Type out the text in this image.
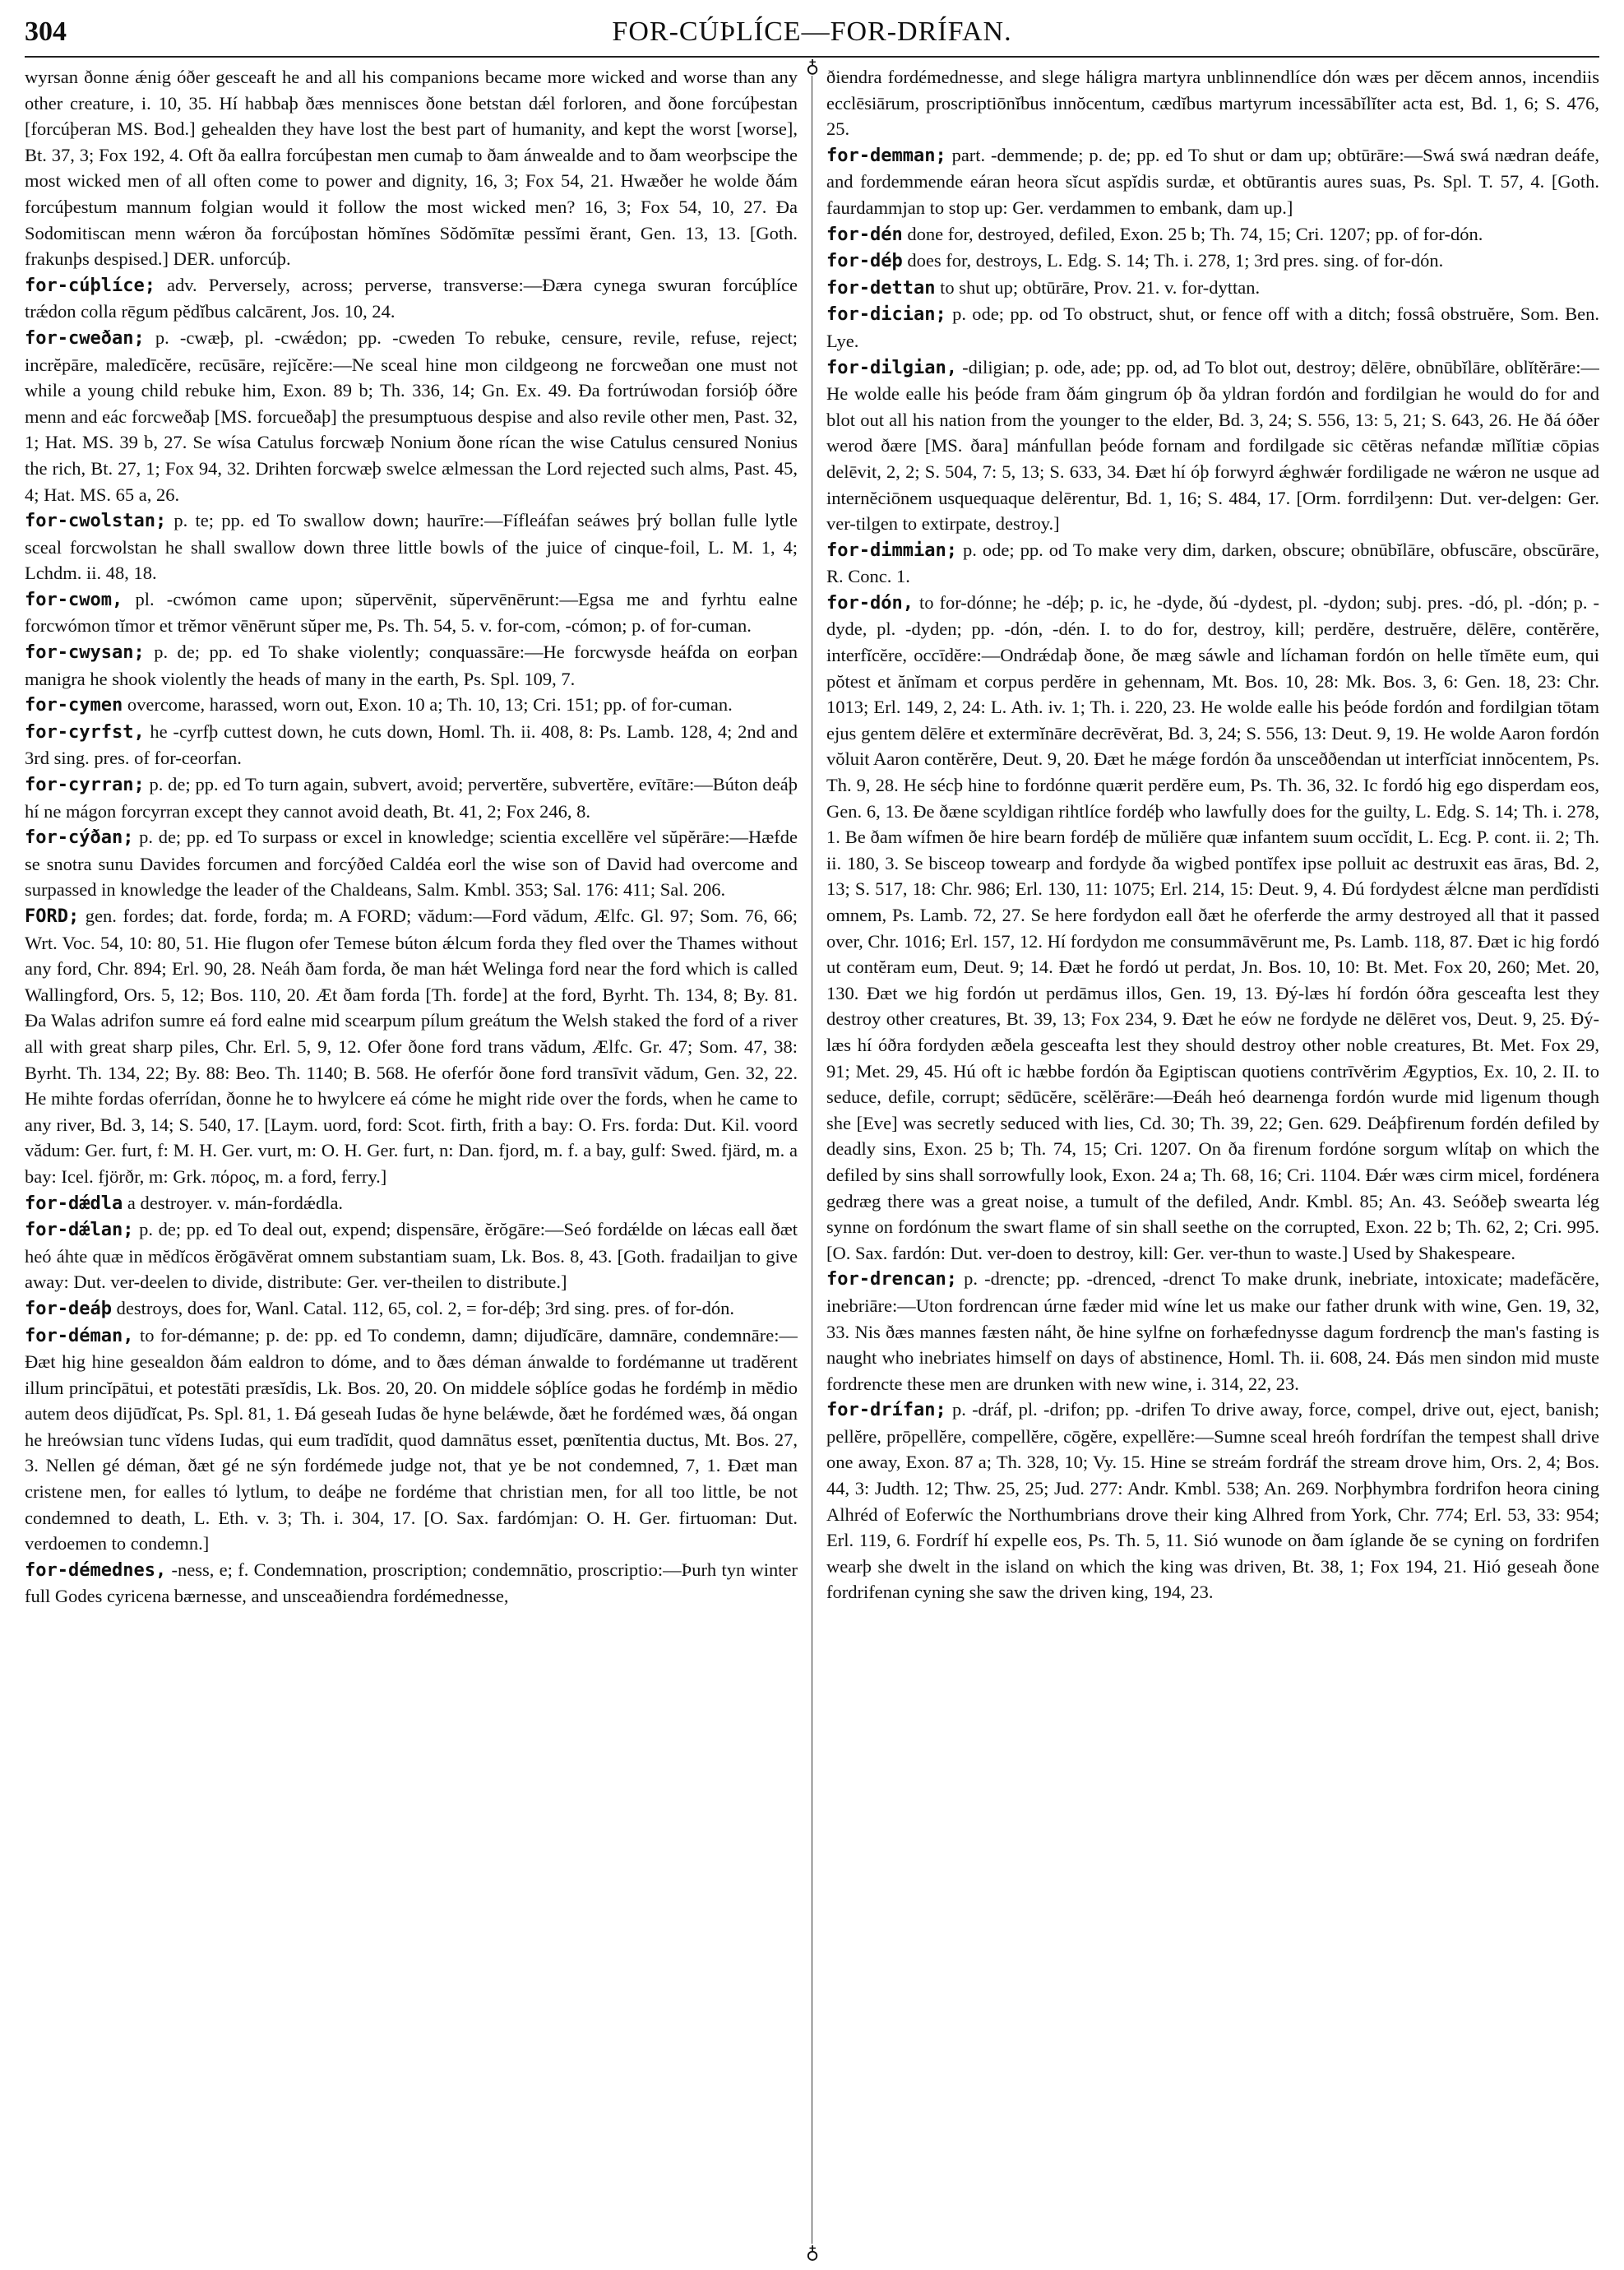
304	FOR-CÚÞLÍCE—FOR-DRÍFAN.

wyrsan ðonne ǽnig óðer gesceaft he and all his companions became more wicked and worse than any other creature, i. 10, 35. Hí habbaþ ðæs mennisces ðone betstan dǽl forloren, and ðone forcúþestan [forcúþeran MS. Bod.] gehealden they have lost the best part of humanity, and kept the worst [worse], Bt. 37, 3; Fox 192, 4. Oft ða eallra forcúþestan men cumaþ to ðam ánwealde and to ðam weorþscipe the most wicked men of all often come to power and dignity, 16, 3; Fox 54, 21. Hwæðer he wolde ðám forcúþestum mannum folgian would it follow the most wicked men? 16, 3; Fox 54, 10, 27. Ða Sodomitiscan menn wǽron ða forcúþostan hŏmĭnes Sŏdŏmītæ pessĭmi ĕrant, Gen. 13, 13. [Goth. frakunþs despised.] DER. unforcúþ.

for-cúþlíce; adv. Perversely, across; perverse, transverse:—Ðæra cynega swuran forcúþlíce trǽdon colla rēgum pĕdĭbus calcārent, Jos. 10, 24.

for-cweðan; p. -cwæþ, pl. -cwǽdon; pp. -cweden To rebuke, censure, revile, refuse, reject; incrĕpāre, maledīcĕre, recūsāre, rejĭcĕre:—Ne sceal hine mon cildgeong ne forcweðan one must not while a young child rebuke him, Exon. 89 b; Th. 336, 14; Gn. Ex. 49. Ða fortrúwodan forsióþ óðre menn and eác forcweðaþ [MS. forcueðaþ] the presumptuous despise and also revile other men, Past. 32, 1; Hat. MS. 39 b, 27. Se wísa Catulus forcwæþ Nonium ðone rícan the wise Catulus censured Nonius the rich, Bt. 27, 1; Fox 94, 32. Drihten forcwæþ swelce ælmessan the Lord rejected such alms, Past. 45, 4; Hat. MS. 65 a, 26.

for-cwolstan; p. te; pp. ed To swallow down; haurīre:—Fífleáfan seáwes þrý bollan fulle lytle sceal forcwolstan he shall swallow down three little bowls of the juice of cinque-foil, L. M. 1, 4; Lchdm. ii. 48, 18.

for-cwom, pl. -cwómon came upon; sŭpervēnit, sŭpervēnērunt:—Egsa me and fyrhtu ealne forcwómon tĭmor et trĕmor vēnērunt sŭper me, Ps. Th. 54, 5. v. for-com, -cómon; p. of for-cuman.

for-cwysan; p. de; pp. ed To shake violently; conquassāre:—He forcwysde heáfda on eorþan manigra he shook violently the heads of many in the earth, Ps. Spl. 109, 7.

for-cymen overcome, harassed, worn out, Exon. 10 a; Th. 10, 13; Cri. 151; pp. of for-cuman.

for-cyrfst, he -cyrfþ cuttest down, he cuts down, Homl. Th. ii. 408, 8: Ps. Lamb. 128, 4; 2nd and 3rd sing. pres. of for-ceorfan.

for-cyrran; p. de; pp. ed To turn again, subvert, avoid; pervertĕre, subvertĕre, evītāre:—Búton deáþ hí ne mágon forcyrran except they cannot avoid death, Bt. 41, 2; Fox 246, 8.

for-cýðan; p. de; pp. ed To surpass or excel in knowledge; scientia excellĕre vel sŭpĕrāre:—Hæfde se snotra sunu Davides forcumen and forcýðed Caldéa eorl the wise son of David had overcome and surpassed in knowledge the leader of the Chaldeans, Salm. Kmbl. 353; Sal. 176: 411; Sal. 206.

FORD; gen. fordes; dat. forde, forda; m. A FORD; vădum:—Ford vădum, Ælfc. Gl. 97; Som. 76, 66; Wrt. Voc. 54, 10: 80, 51. Hie flugon ofer Temese búton ǽlcum forda they fled over the Thames without any ford, Chr. 894; Erl. 90, 28. Neáh ðam forda, ðe man hǽt Welinga ford near the ford which is called Wallingford, Ors. 5, 12; Bos. 110, 20. Æt ðam forda [Th. forde] at the ford, Byrht. Th. 134, 8; By. 81. Ða Walas adrifon sumre eá ford ealne mid scearpum pílum greátum the Welsh staked the ford of a river all with great sharp piles, Chr. Erl. 5, 9, 12. Ofer ðone ford trans vădum, Ælfc. Gr. 47; Som. 47, 38: Byrht. Th. 134, 22; By. 88: Beo. Th. 1140; B. 568. He oferfór ðone ford transīvit vădum, Gen. 32, 22. He mihte fordas oferrídan, ðonne he to hwylcere eá cóme he might ride over the fords, when he came to any river, Bd. 3, 14; S. 540, 17. [Laym. uord, ford: Scot. firth, frith a bay: O. Frs. forda: Dut. Kil. voord vădum: Ger. furt, f: M. H. Ger. vurt, m: O. H. Ger. furt, n: Dan. fjord, m. f. a bay, gulf: Swed. fjärd, m. a bay: Icel. fjörðr, m: Grk. πόρος, m. a ford, ferry.]

for-dǽdla a destroyer. v. mán-fordǽdla.

for-dǽlan; p. de; pp. ed To deal out, expend; dispensāre, ĕrŏgāre:—Seó fordǽlde on lǽcas eall ðæt heó áhte quæ in mĕdĭcos ĕrŏgāvĕrat omnem substantiam suam, Lk. Bos. 8, 43. [Goth. fradailjan to give away: Dut. ver-deelen to divide, distribute: Ger. ver-theilen to distribute.]

for-deáþ destroys, does for, Wanl. Catal. 112, 65, col. 2, = for-déþ; 3rd sing. pres. of for-dón.

for-déman, to for-démanne; p. de: pp. ed To condemn, damn; dijudĭcāre, damnāre, condemnāre:—Ðæt hig hine gesealdon ðám ealdron to dóme, and to ðæs déman ánwalde to fordémanne ut tradĕrent illum princĭpātui, et potestāti præsĭdis, Lk. Bos. 20, 20. On middele sóþlíce godas he fordémþ in mĕdio autem deos dijūdĭcat, Ps. Spl. 81, 1. Ðá geseah Iudas ðe hyne belǽwde, ðæt he fordémed wæs, ðá ongan he hreówsian tunc vĭdens Iudas, qui eum tradĭdit, quod damnātus esset, pœnĭtentia ductus, Mt. Bos. 27, 3. Nellen gé déman, ðæt gé ne sýn fordémede judge not, that ye be not condemned, 7, 1. Ðæt man cristene men, for ealles tó lytlum, to deáþe ne fordéme that christian men, for all too little, be not condemned to death, L. Eth. v. 3; Th. i. 304, 17. [O. Sax. fardómjan: O. H. Ger. firtuoman: Dut. verdoemen to condemn.]

for-démednes, -ness, e; f. Condemnation, proscription; condemnātio, proscriptio:—Þurh tyn winter full Godes cyricena bærnesse, and unsceaðiendra fordémednesse,

♁
♁

ðiendra fordémednesse, and slege háligra martyra unblinnendlíce dón wæs per dĕcem annos, incendiis ecclēsiārum, proscriptiōnĭbus innŏcentum, cædĭbus martyrum incessābĭlĭter acta est, Bd. 1, 6; S. 476, 25.

for-demman; part. -demmende; p. de; pp. ed To shut or dam up; obtūrāre:—Swá swá nædran deáfe, and fordemmende eáran heora sĭcut aspĭdis surdæ, et obtūrantis aures suas, Ps. Spl. T. 57, 4. [Goth. faurdammjan to stop up: Ger. verdammen to embank, dam up.]

for-dén done for, destroyed, defiled, Exon. 25 b; Th. 74, 15; Cri. 1207; pp. of for-dón.

for-déþ does for, destroys, L. Edg. S. 14; Th. i. 278, 1; 3rd pres. sing. of for-dón.

for-dettan to shut up; obtūrāre, Prov. 21. v. for-dyttan.

for-dician; p. ode; pp. od To obstruct, shut, or fence off with a ditch; fossâ obstruĕre, Som. Ben. Lye.

for-dilgian, -diligian; p. ode, ade; pp. od, ad To blot out, destroy; dēlēre, obnūbĭlāre, oblĭtĕrāre:—He wolde ealle his þeóde fram ðám gingrum óþ ða yldran fordón and fordilgian he would do for and blot out all his nation from the younger to the elder, Bd. 3, 24; S. 556, 13: 5, 21; S. 643, 26. He ðá óðer werod ðære [MS. ðara] mánfullan þeóde fornam and fordilgade sic cētĕras nefandæ mĭlĭtiæ cōpias delēvit, 2, 2; S. 504, 7: 5, 13; S. 633, 34. Ðæt hí óþ forwyrd ǽghwǽr fordiligade ne wǽron ne usque ad internĕciōnem usquequaque delērentur, Bd. 1, 16; S. 484, 17. [Orm. forrdilȝenn: Dut. ver-delgen: Ger. ver-tilgen to extirpate, destroy.]

for-dimmian; p. ode; pp. od To make very dim, darken, obscure; obnūbĭlāre, obfuscāre, obscūrāre, R. Conc. 1.

for-dón, to for-dónne; he -déþ; p. ic, he -dyde, ðú -dydest, pl. -dydon; subj. pres. -dó, pl. -dón; p. -dyde, pl. -dyden; pp. -dón, -dén. I. to do for, destroy, kill; perdĕre, destruĕre, dēlēre, contĕrĕre, interfĭcĕre, occīdĕre:—Ondrǽdaþ ðone, ðe mæg sáwle and líchaman fordón on helle tĭmēte eum, qui pŏtest et ănĭmam et corpus perdĕre in gehennam, Mt. Bos. 10, 28: Mk. Bos. 3, 6: Gen. 18, 23: Chr. 1013; Erl. 149, 2, 24: L. Ath. iv. 1; Th. i. 220, 23. He wolde ealle his þeóde fordón and fordilgian tōtam ejus gentem dēlēre et extermĭnāre decrēvĕrat, Bd. 3, 24; S. 556, 13: Deut. 9, 19. He wolde Aaron fordón vŏluit Aaron contĕrĕre, Deut. 9, 20. Ðæt he mǽge fordón ða unsceððendan ut interfĭciat innŏcentem, Ps. Th. 9, 28. He sécþ hine to fordónne quærit perdĕre eum, Ps. Th. 36, 32. Ic fordó hig ego disperdam eos, Gen. 6, 13. Ðe ðæne scyldigan rihtlíce fordéþ who lawfully does for the guilty, L. Edg. S. 14; Th. i. 278, 1. Be ðam wífmen ðe hire bearn fordéþ de mŭliĕre quæ infantem suum occĭdit, L. Ecg. P. cont. ii. 2; Th. ii. 180, 3. Se bisceop towearp and fordyde ða wigbed pontĭfex ipse polluit ac destruxit eas āras, Bd. 2, 13; S. 517, 18: Chr. 986; Erl. 130, 11: 1075; Erl. 214, 15: Deut. 9, 4. Ðú fordydest ǽlcne man perdĭdisti omnem, Ps. Lamb. 72, 27. Se here fordydon eall ðæt he oferferde the army destroyed all that it passed over, Chr. 1016; Erl. 157, 12. Hí fordydon me consummāvērunt me, Ps. Lamb. 118, 87. Ðæt ic hig fordó ut contĕram eum, Deut. 9; 14. Ðæt he fordó ut perdat, Jn. Bos. 10, 10: Bt. Met. Fox 20, 260; Met. 20, 130. Ðæt we hig fordón ut perdāmus illos, Gen. 19, 13. Ðý-læs hí fordón óðra gesceafta lest they destroy other creatures, Bt. 39, 13; Fox 234, 9. Ðæt he eów ne fordyde ne dēlēret vos, Deut. 9, 25. Ðý-læs hí óðra fordyden æðela gesceafta lest they should destroy other noble creatures, Bt. Met. Fox 29, 91; Met. 29, 45. Hú oft ic hæbbe fordón ða Egiptiscan quotiens contrīvĕrim Ægyptios, Ex. 10, 2. II. to seduce, defile, corrupt; sēdūcĕre, scĕlĕrāre:—Ðeáh heó dearnenga fordón wurde mid ligenum though she [Eve] was secretly seduced with lies, Cd. 30; Th. 39, 22; Gen. 629. Deáþfirenum fordén defiled by deadly sins, Exon. 25 b; Th. 74, 15; Cri. 1207. On ða firenum fordóne sorgum wlítaþ on which the defiled by sins shall sorrowfully look, Exon. 24 a; Th. 68, 16; Cri. 1104. Ðǽr wæs cirm micel, fordénera gedræg there was a great noise, a tumult of the defiled, Andr. Kmbl. 85; An. 43. Seóðeþ swearta lég synne on fordónum the swart flame of sin shall seethe on the corrupted, Exon. 22 b; Th. 62, 2; Cri. 995. [O. Sax. fardón: Dut. ver-doen to destroy, kill: Ger. ver-thun to waste.] Used by Shakespeare.

for-drencan; p. -drencte; pp. -drenced, -drenct To make drunk, inebriate, intoxicate; madefăcĕre, inebriāre:—Uton fordrencan úrne fæder mid wíne let us make our father drunk with wine, Gen. 19, 32, 33. Nis ðæs mannes fæsten náht, ðe hine sylfne on forhæfednysse dagum fordrencþ the man's fasting is naught who inebriates himself on days of abstinence, Homl. Th. ii. 608, 24. Ðás men sindon mid muste fordrencte these men are drunken with new wine, i. 314, 22, 23.

for-drífan; p. -dráf, pl. -drifon; pp. -drifen To drive away, force, compel, drive out, eject, banish; pellĕre, prōpellĕre, compellĕre, cōgĕre, expellĕre:—Sumne sceal hreóh fordrífan the tempest shall drive one away, Exon. 87 a; Th. 328, 10; Vy. 15. Hine se streám fordráf the stream drove him, Ors. 2, 4; Bos. 44, 3: Judth. 12; Thw. 25, 25; Jud. 277: Andr. Kmbl. 538; An. 269. Norþhymbra fordrifon heora cining Alhréd of Eoferwíc the Northumbrians drove their king Alhred from York, Chr. 774; Erl. 53, 33: 954; Erl. 119, 6. Fordríf hí expelle eos, Ps. Th. 5, 11. Sió wunode on ðam íglande ðe se cyning on fordrifen wearþ she dwelt in the island on which the king was driven, Bt. 38, 1; Fox 194, 21. Hió geseah ðone fordrifenan cyning she saw the driven king, 194, 23.
